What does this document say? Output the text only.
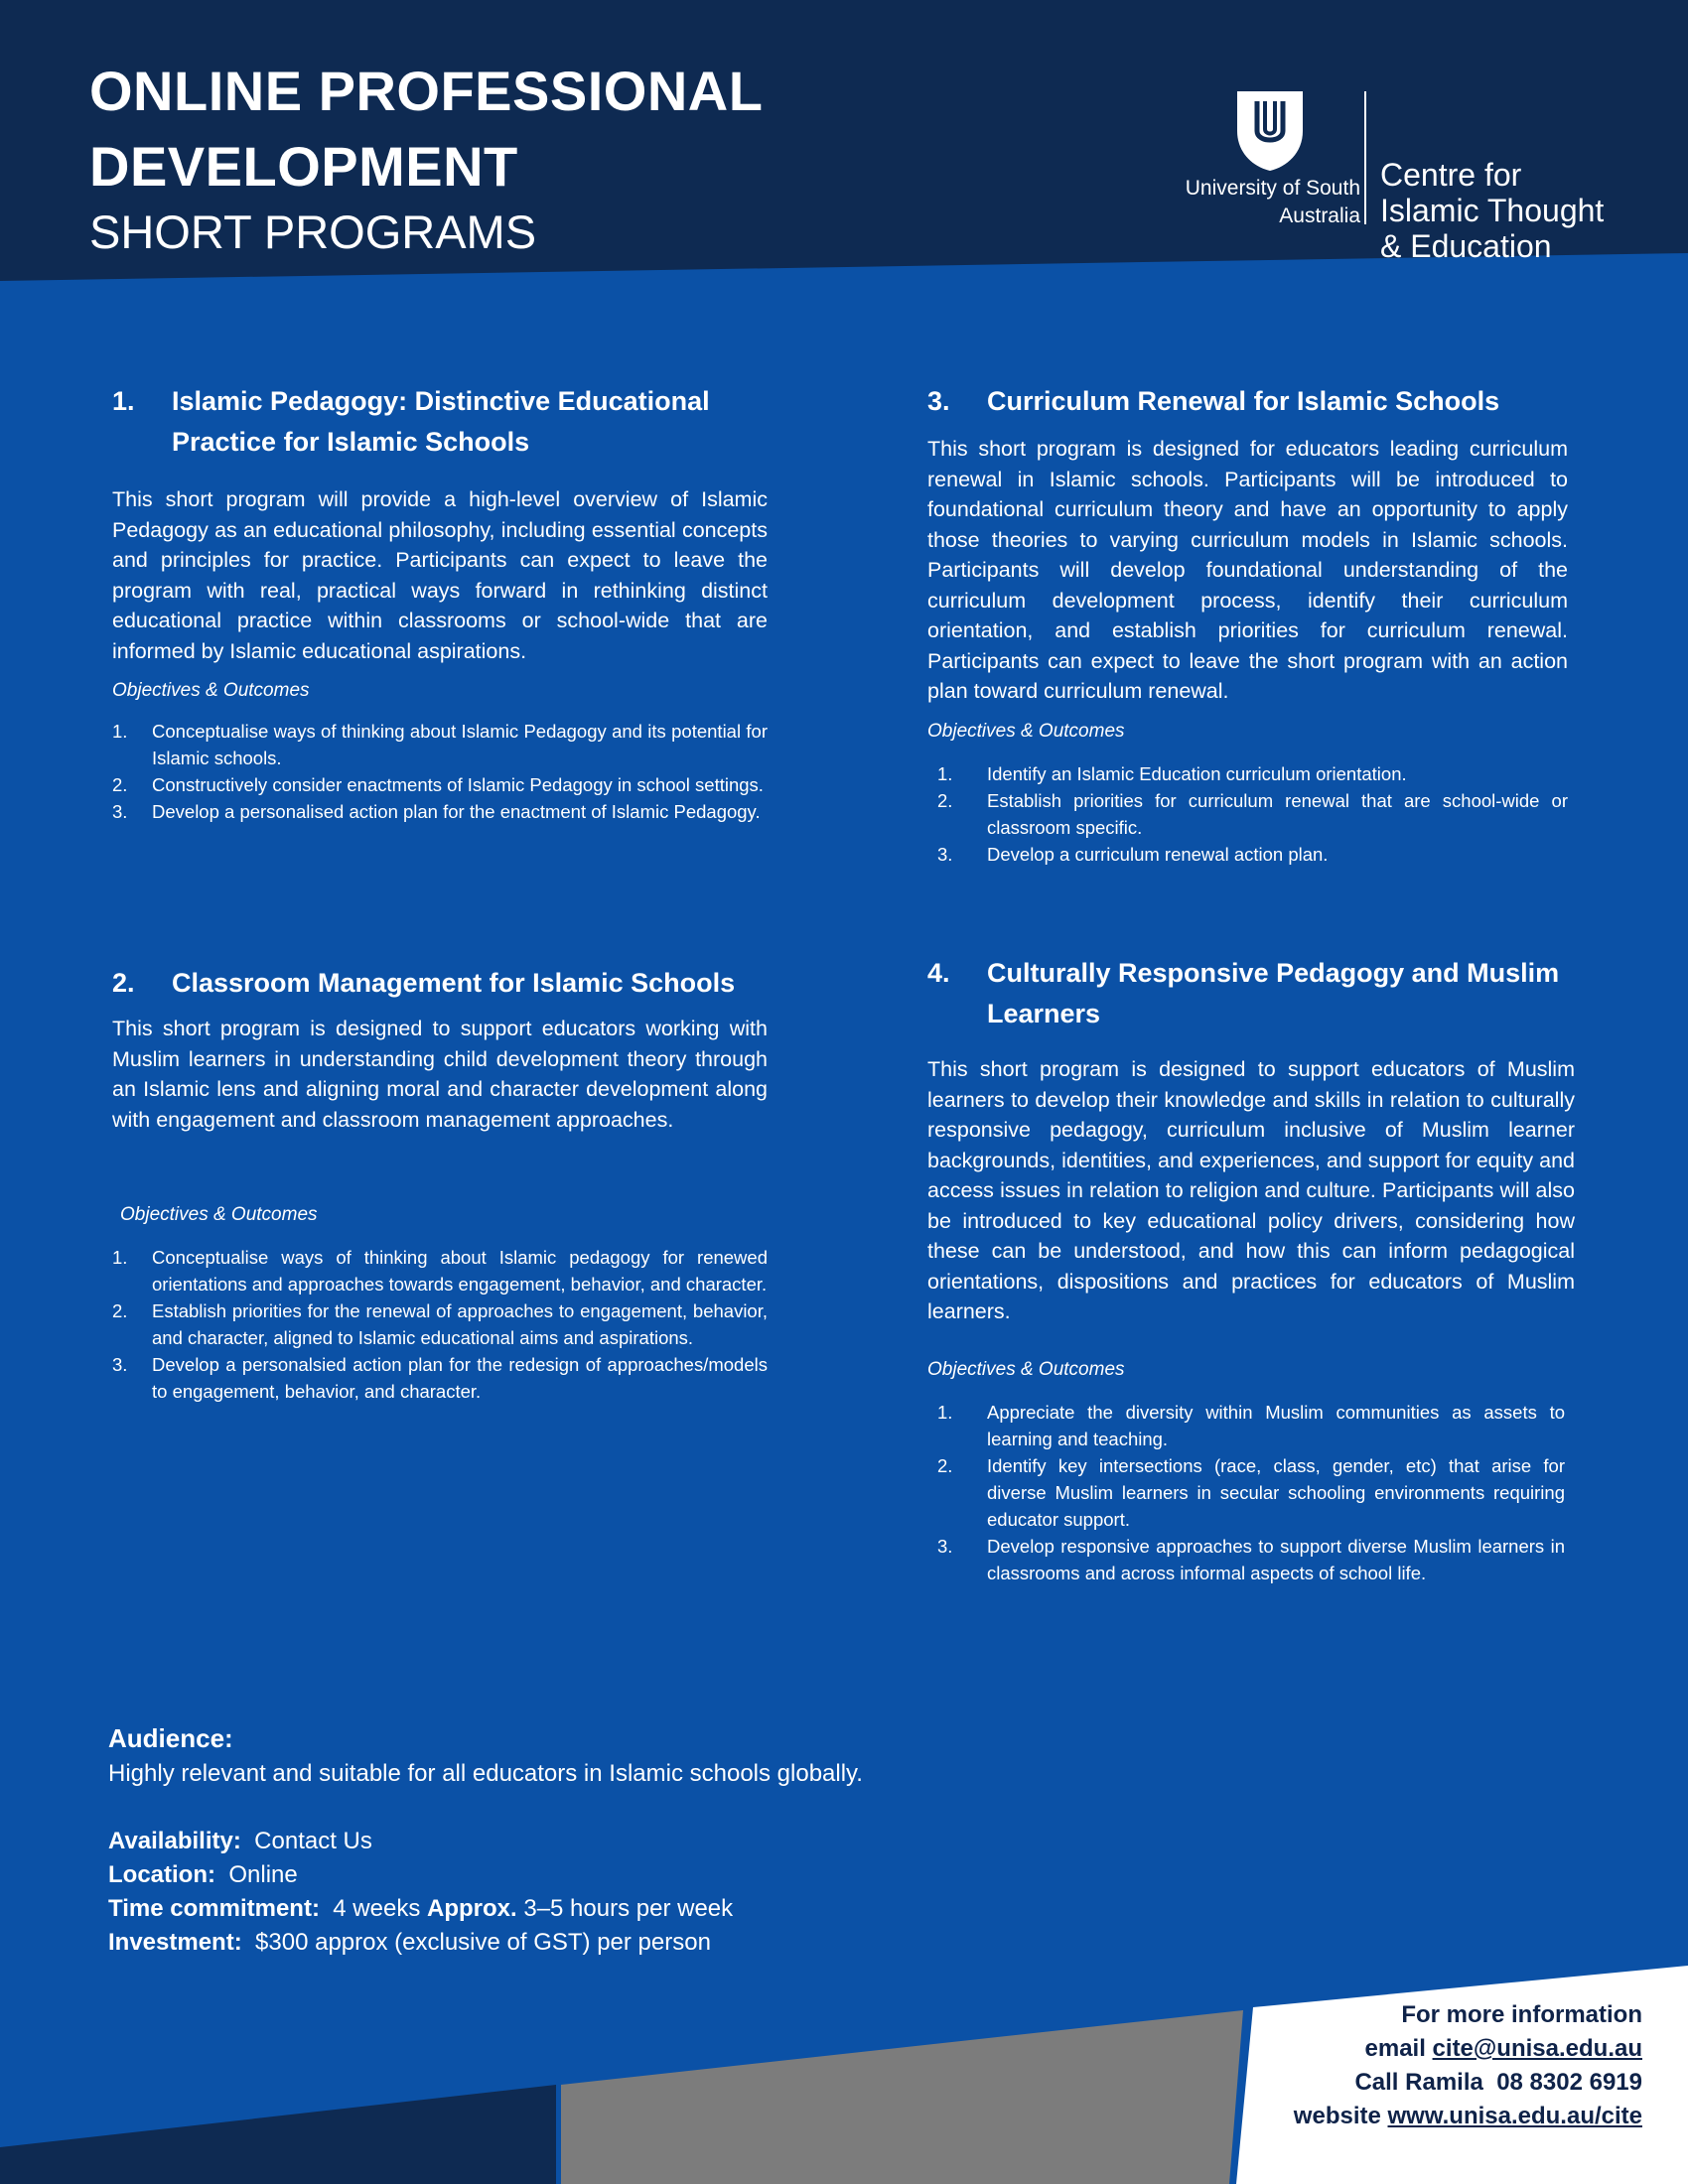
ONLINE PROFESSIONAL
DEVELOPMENT
SHORT PROGRAMS
University of South Australia
Centre for Islamic Thought & Education
1. Islamic Pedagogy: Distinctive Educational Practice for Islamic Schools

This short program will provide a high-level overview of Islamic Pedagogy as an educational philosophy, including essential concepts and principles for practice. Participants can expect to leave the program with real, practical ways forward in rethinking distinct educational practice within classrooms or school-wide that are informed by Islamic educational aspirations.

Objectives & Outcomes
1. Conceptualise ways of thinking about Islamic Pedagogy and its potential for Islamic schools.
2. Constructively consider enactments of Islamic Pedagogy in school settings.
3. Develop a personalised action plan for the enactment of Islamic Pedagogy.
2. Classroom Management for Islamic Schools

This short program is designed to support educators working with Muslim learners in understanding child development theory through an Islamic lens and aligning moral and character development along with engagement and classroom management approaches.

Objectives & Outcomes
1. Conceptualise ways of thinking about Islamic pedagogy for renewed orientations and approaches towards engagement, behavior, and character.
2. Establish priorities for the renewal of approaches to engagement, behavior, and character, aligned to Islamic educational aims and aspirations.
3. Develop a personalsied action plan for the redesign of approaches/models to engagement, behavior, and character.
3. Curriculum Renewal for Islamic Schools

This short program is designed for educators leading curriculum renewal in Islamic schools. Participants will be introduced to foundational curriculum theory and have an opportunity to apply those theories to varying curriculum models in Islamic schools. Participants will develop foundational understanding of the curriculum development process, identify their curriculum orientation, and establish priorities for curriculum renewal. Participants can expect to leave the short program with an action plan toward curriculum renewal.

Objectives & Outcomes
1. Identify an Islamic Education curriculum orientation.
2. Establish priorities for curriculum renewal that are school-wide or classroom specific.
3. Develop a curriculum renewal action plan.
4. Culturally Responsive Pedagogy and Muslim Learners

This short program is designed to support educators of Muslim learners to develop their knowledge and skills in relation to culturally responsive pedagogy, curriculum inclusive of Muslim learner backgrounds, identities, and experiences, and support for equity and access issues in relation to religion and culture. Participants will also be introduced to key educational policy drivers, considering how these can be understood, and how this can inform pedagogical orientations, dispositions and practices for educators of Muslim learners.

Objectives & Outcomes
1. Appreciate the diversity within Muslim communities as assets to learning and teaching.
2. Identify key intersections (race, class, gender, etc) that arise for diverse Muslim learners in secular schooling environments requiring educator support.
3. Develop responsive approaches to support diverse Muslim learners in classrooms and across informal aspects of school life.
Audience:
Highly relevant and suitable for all educators in Islamic schools globally.
Availability: Contact Us
Location: Online
Time commitment: 4 weeks Approx. 3–5 hours per week
Investment: $300 approx (exclusive of GST) per person
For more information
email cite@unisa.edu.au
Call Ramila 08 8302 6919
website www.unisa.edu.au/cite
